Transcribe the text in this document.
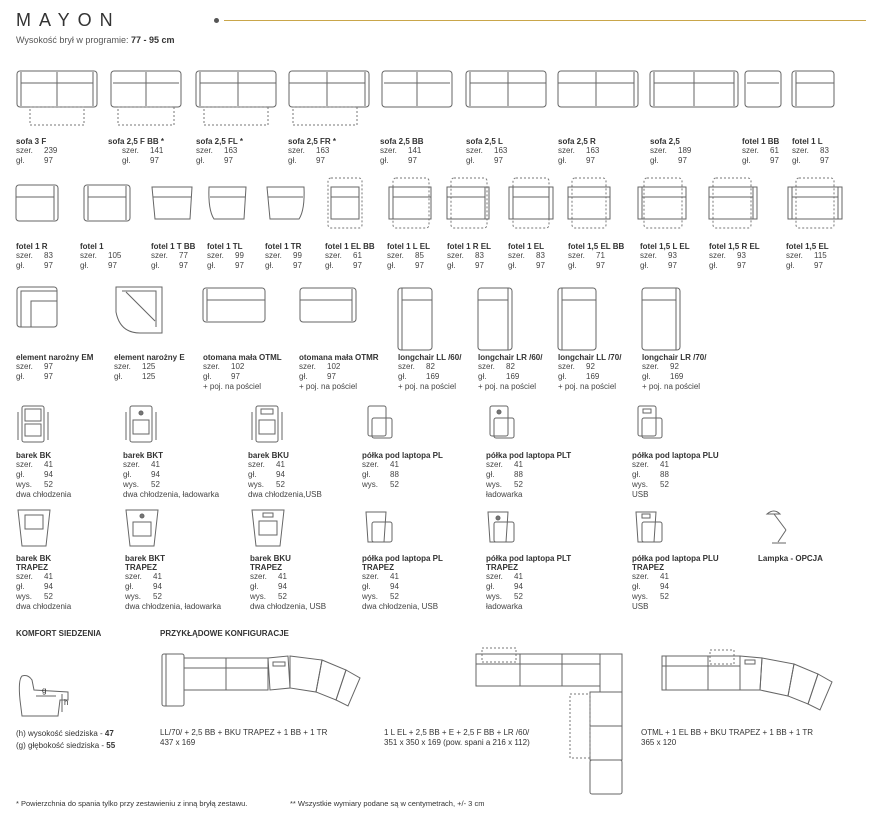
MAYON
Wysokość brył w programie: 77 - 95 cm
sofa 3 F
szer. 239
gł. 97
sofa 2,5 F BB *
szer. 141
gł. 97
sofa 2,5 FL *
szer. 163
gł. 97
sofa 2,5 FR *
szer. 163
gł. 97
sofa 2,5 BB
szer. 141
gł. 97
sofa 2,5 L
szer. 163
gł. 97
sofa 2,5 R
szer. 163
gł. 97
sofa 2,5
szer. 189
gł. 97
fotel 1 BB
szer. 61
gł. 97
fotel 1 L
szer. 83
gł. 97
fotel 1 R
szer. 83
gł. 97
fotel 1
szer. 105
gł. 97
fotel 1 T BB
szer. 77
gł. 97
fotel 1 TL
szer. 99
gł. 97
fotel 1 TR
szer. 99
gł. 97
fotel 1 EL BB
szer. 61
gł. 97
fotel 1 L EL
szer. 85
gł. 97
fotel 1 R EL
szer. 83
gł. 97
fotel 1 EL
szer. 83
gł. 97
fotel 1,5 EL BB
szer. 71
gł. 97
fotel 1,5 L EL
szer. 93
gł. 97
fotel 1,5 R EL
szer. 93
gł. 97
fotel 1,5 EL
szer. 115
gł. 97
element narożny EM
szer. 97
gł. 97
element narożny E
szer. 125
gł. 125
otomana mała OTML
szer. 102
gł. 97
+ poj. na pościel
otomana mała OTMR
szer. 102
gł. 97
+ poj. na pościel
longchair LL /60/
szer. 82
gł. 169
+ poj. na pościel
longchair LR /60/
szer. 82
gł. 169
+ poj. na pościel
longchair LL /70/
szer. 92
gł. 169
+ poj. na pościel
longchair LR /70/
szer. 92
gł. 169
+ poj. na pościel
barek BK
szer. 41
gł. 94
wys. 52
dwa chłodzenia
barek BKT
szer. 41
gł. 94
wys. 52
dwa chłodzenia, ładowarka
barek BKU
szer. 41
gł. 94
wys. 52
dwa chłodzenia,USB
półka pod laptopa PL
szer. 41
gł. 88
wys. 52
półka pod laptopa PLT
szer. 41
gł. 88
wys. 52
ładowarka
półka pod laptopa PLU
szer. 41
gł. 88
wys. 52
USB
barek BK
TRAPEZ
szer. 41
gł. 94
wys. 52
dwa chłodzenia
barek BKT
TRAPEZ
szer. 41
gł. 94
wys. 52
dwa chłodzenia, ładowarka
barek BKU
TRAPEZ
szer. 41
gł. 94
wys. 52
dwa chłodzenia, USB
półka pod laptopa PL
TRAPEZ
szer. 41
gł. 94
wys. 52
dwa chłodzenia, USB
półka pod laptopa PLT
TRAPEZ
szer. 41
gł. 94
wys. 52
ładowarka
półka pod laptopa PLU
TRAPEZ
szer. 41
gł. 94
wys. 52
USB
Lampka - OPCJA
KOMFORT SIEDZENIA	PRZYKŁĄDOWE KONFIGURACJE
g
h
(h) wysokość siedziska - 47
(g) głębokość siedziska - 55
LL/70/ + 2,5 BB + BKU TRAPEZ + 1 BB + 1 TR
437 x 169
1 L EL + 2,5 BB + E + 2,5 F BB + LR /60/
351 x 350 x 169 (pow. spani a 216 x 112)
OTML + 1 EL BB + BKU TRAPEZ + 1 BB + 1 TR
365 x 120
* Powierzchnia do spania tylko przy zestawieniu z inną bryłą zestawu.	** Wszystkie wymiary podane są w centymetrach, +/- 3 cm
